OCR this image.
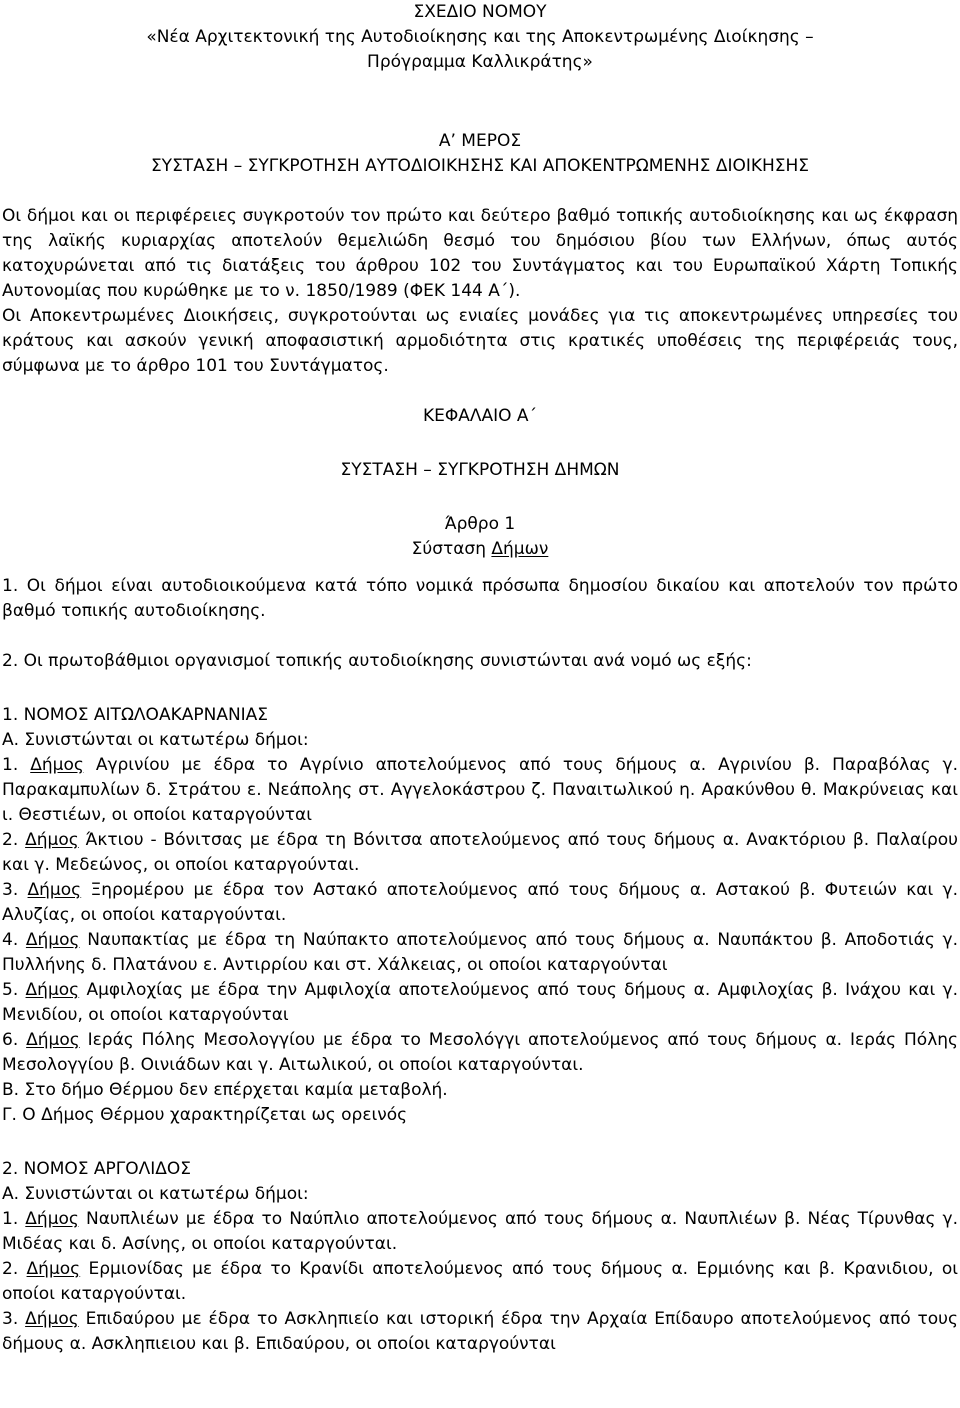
ΣΧΕΔΙΟ ΝΟΜΟΥ

«Νέα Αρχιτεκτονική της Αυτοδιοίκησης και της Αποκεντρωμένης Διοίκησης –

Πρόγραμμα Καλλικράτης»

Α’ ΜΕΡΟΣ

ΣΥΣΤΑΣΗ – ΣΥΓΚΡΟΤΗΣΗ ΑΥΤΟΔΙΟΙΚΗΣΗΣ ΚΑΙ ΑΠΟΚΕΝΤΡΩΜΕΝΗΣ ΔΙΟΙΚΗΣΗΣ

Οι δήμοι και οι περιφέρειες συγκροτούν τον πρώτο και δεύτερο βαθμό τοπικής αυτοδιοίκησης και ως έκφραση της λαϊκής κυριαρχίας αποτελούν θεμελιώδη θεσμό του δημόσιου βίου των Ελλήνων, όπως αυτός κατοχυρώνεται από τις διατάξεις του άρθρου 102 του Συντάγματος και του Ευρωπαϊκού Χάρτη Τοπικής Αυτονομίας που κυρώθηκε με το ν. 1850/1989 (ΦΕΚ 144 Α΄).

Οι Αποκεντρωμένες Διοικήσεις, συγκροτούνται ως ενιαίες μονάδες για τις αποκεντρωμένες υπηρεσίες του κράτους και ασκούν γενική αποφασιστική αρμοδιότητα στις κρατικές υποθέσεις της περιφέρειάς τους, σύμφωνα με το άρθρο 101 του Συντάγματος.

ΚΕΦΑΛΑΙΟ Α΄

ΣΥΣΤΑΣΗ – ΣΥΓΚΡΟΤΗΣΗ ΔΗΜΩΝ

Άρθρο 1

Σύσταση Δήμων

1. Οι δήμοι είναι αυτοδιοικούμενα κατά τόπο νομικά πρόσωπα δημοσίου δικαίου και αποτελούν τον πρώτο βαθμό τοπικής αυτοδιοίκησης.

2. Οι πρωτοβάθμιοι οργανισμοί τοπικής αυτοδιοίκησης συνιστώνται ανά νομό ως εξής:

1. ΝΟΜΟΣ ΑΙΤΩΛΟΑΚΑΡΝΑΝΙΑΣ

Α. Συνιστώνται οι κατωτέρω δήμοι:

1. Δήμος Αγρινίου με έδρα το Αγρίνιο αποτελούμενος από τους δήμους α. Αγρινίου β. Παραβόλας γ. Παρακαμπυλίων δ. Στράτου ε. Νεάπολης στ. Αγγελοκάστρου ζ. Παναιτωλικού η. Αρακύνθου θ. Μακρύνειας και ι. Θεστιέων, οι οποίοι καταργούνται

2. Δήμος Άκτιου - Βόνιτσας με έδρα τη Βόνιτσα αποτελούμενος από τους δήμους α. Ανακτόριου β. Παλαίρου και γ. Μεδεώνος, οι οποίοι καταργούνται.

3. Δήμος Ξηρομέρου με έδρα τον Αστακό αποτελούμενος από τους δήμους α. Αστακού β. Φυτειών και γ. Αλυζίας, οι οποίοι καταργούνται.

4. Δήμος Ναυπακτίας με έδρα τη Ναύπακτο αποτελούμενος από τους δήμους α. Ναυπάκτου β. Αποδοτιάς γ. Πυλλήνης δ. Πλατάνου ε. Αντιρρίου και στ. Χάλκειας, οι οποίοι καταργούνται

5. Δήμος Αμφιλοχίας με έδρα την Αμφιλοχία αποτελούμενος από τους δήμους α. Αμφιλοχίας β. Ινάχου και γ. Μενιδίου, οι οποίοι καταργούνται

6. Δήμος Ιεράς Πόλης Μεσολογγίου με έδρα το Μεσολόγγι αποτελούμενος από τους δήμους α. Ιεράς Πόλης Μεσολογγίου β. Οινιάδων και γ. Αιτωλικού, οι οποίοι καταργούνται.

Β. Στο δήμο Θέρμου δεν επέρχεται καμία μεταβολή.

Γ. Ο Δήμος Θέρμου χαρακτηρίζεται ως ορεινός

2. ΝΟΜΟΣ ΑΡΓΟΛΙΔΟΣ

Α. Συνιστώνται οι κατωτέρω δήμοι:

1. Δήμος Ναυπλιέων με έδρα το Ναύπλιο αποτελούμενος από τους δήμους α. Ναυπλιέων β. Νέας Τίρυνθας γ. Μιδέας και δ. Ασίνης, οι οποίοι καταργούνται.

2. Δήμος Ερμιονίδας με έδρα το Κρανίδι αποτελούμενος από τους δήμους α. Ερμιόνης και β. Κρανιδιου, οι οποίοι καταργούνται.

3. Δήμος Επιδαύρου με έδρα το Ασκληπιείο και ιστορική έδρα την Αρχαία Επίδαυρο αποτελούμενος από τους δήμους α. Ασκληπιειου και β. Επιδαύρου, οι οποίοι καταργούνται
